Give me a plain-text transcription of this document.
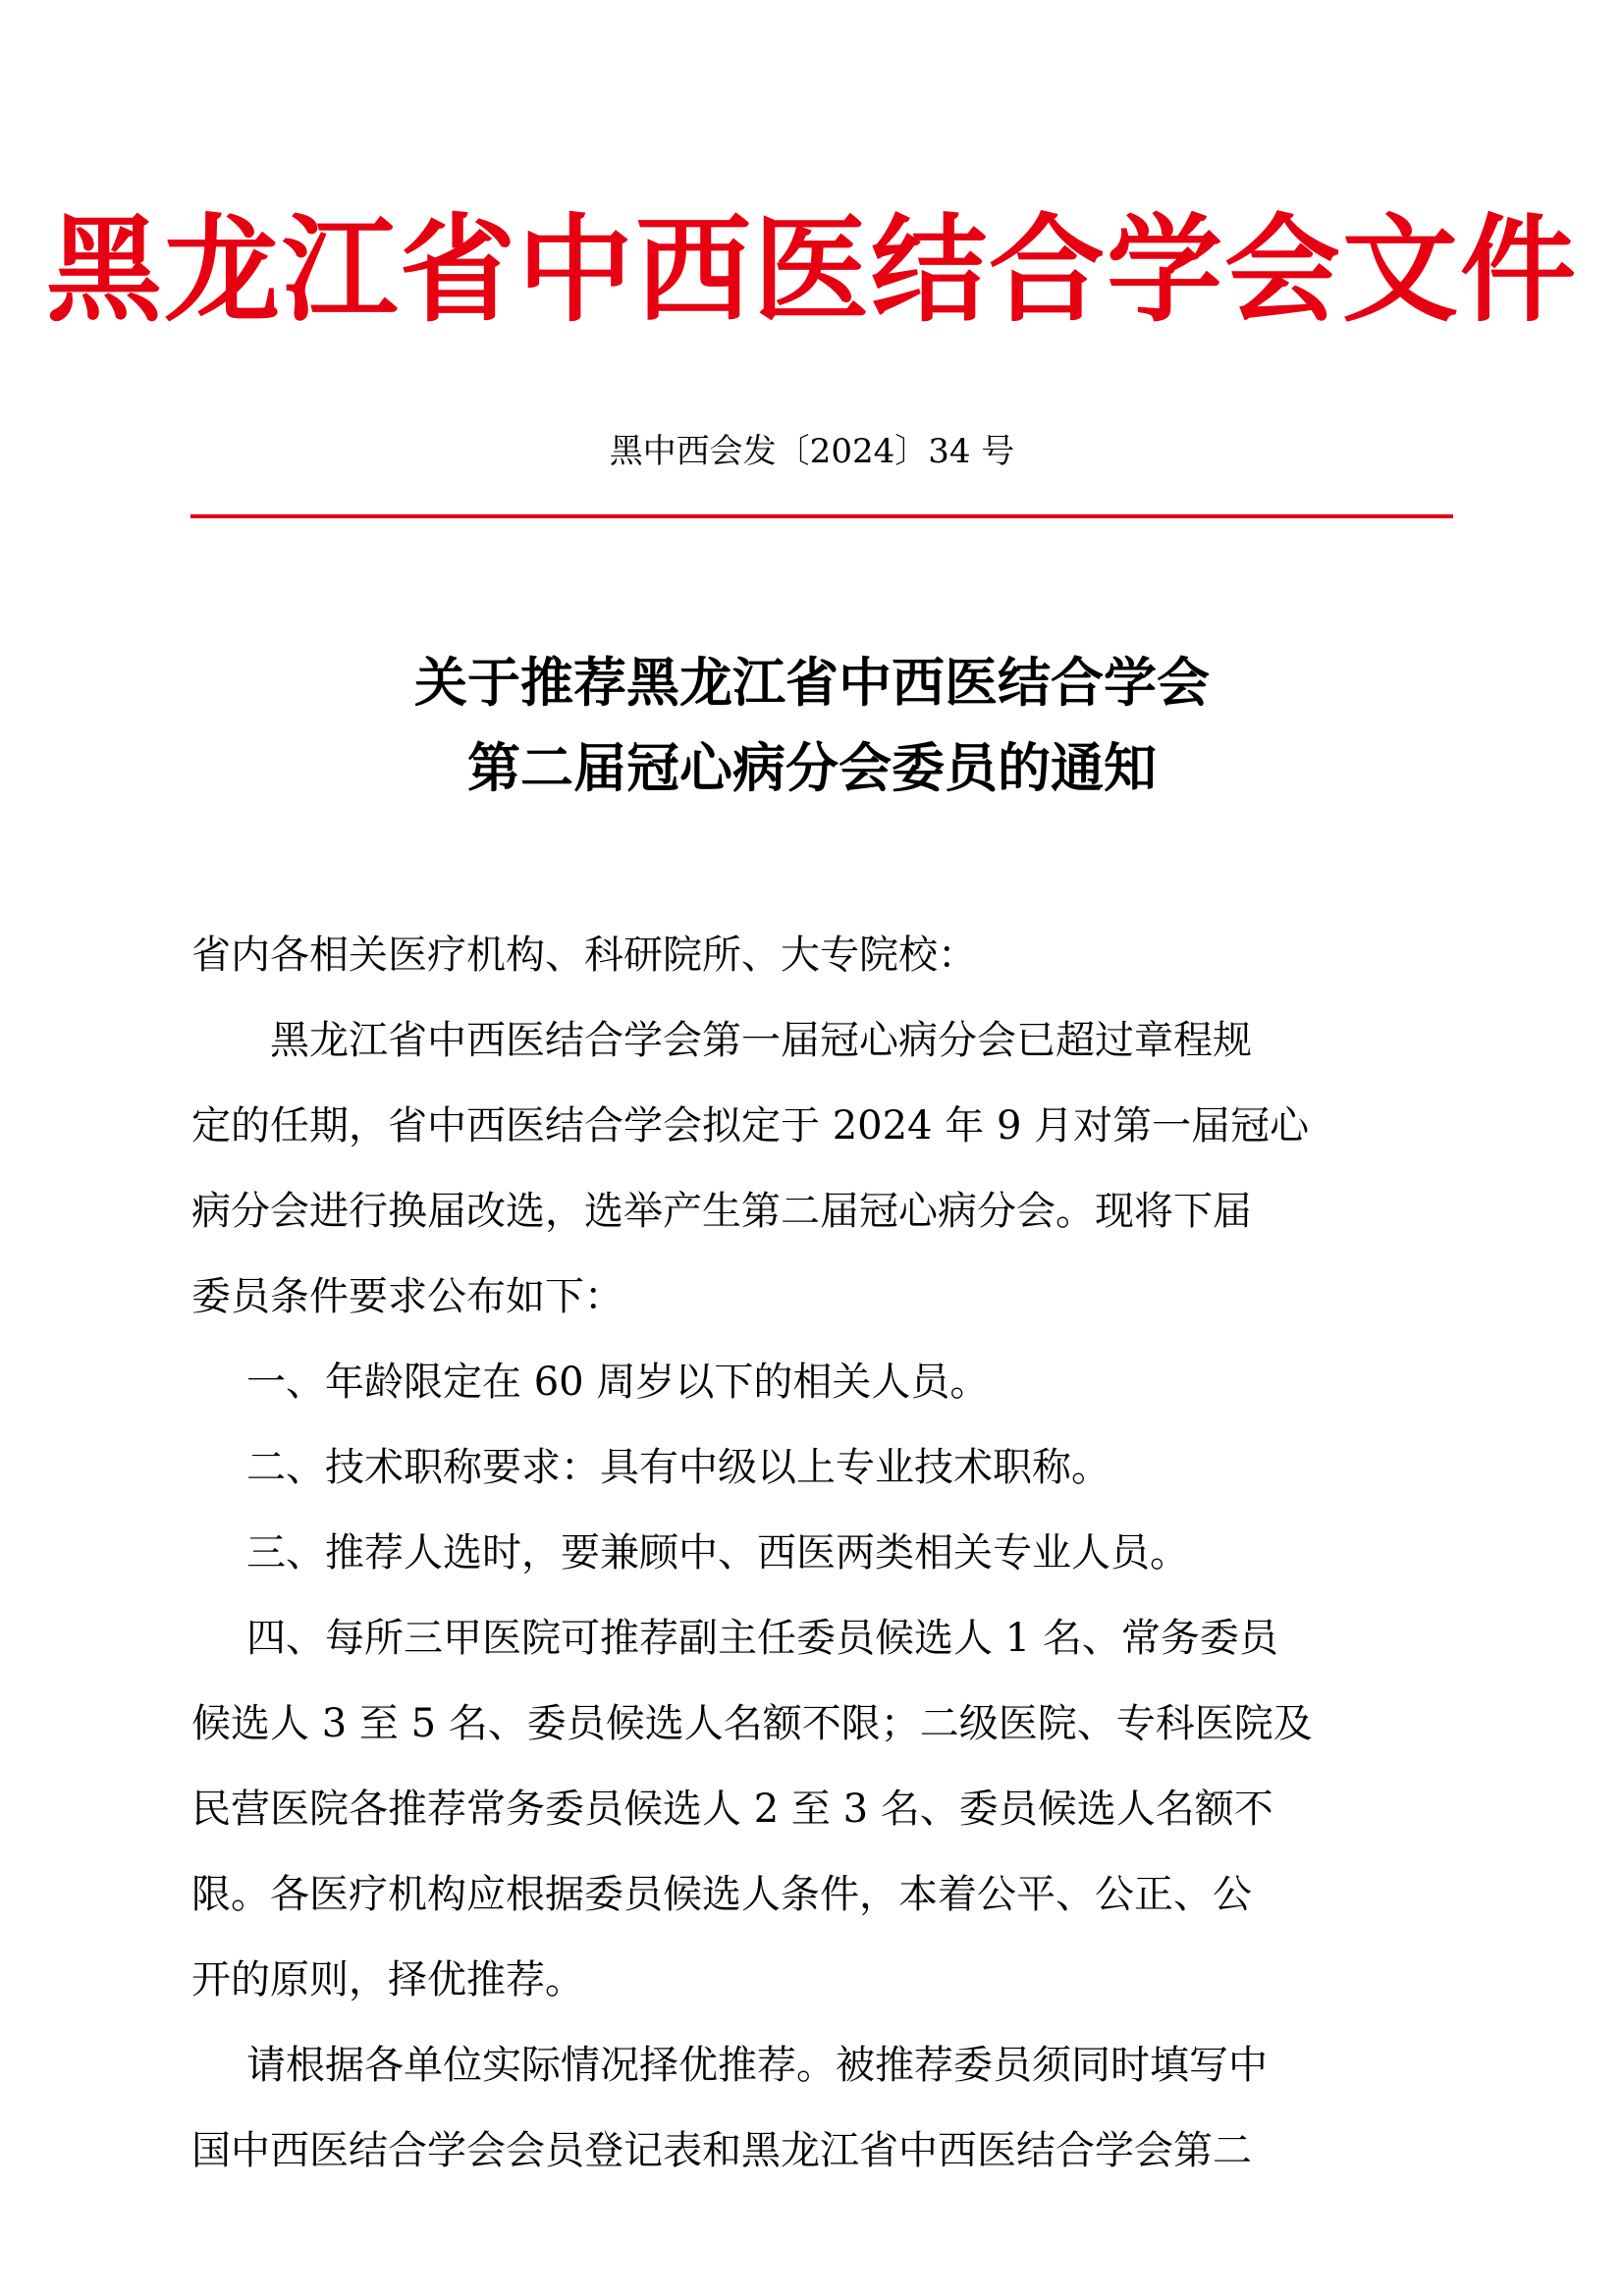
黑龙江省中西医结合学会文件
黑中西会发〔2024〕34 号
关于推荐黑龙江省中西医结合学会
第二届冠心病分会委员的通知
省内各相关医疗机构、科研院所、大专院校：
黑龙江省中西医结合学会第一届冠心病分会已超过章程规
定的任期，省中西医结合学会拟定于 2024 年 9 月对第一届冠心
病分会进行换届改选，选举产生第二届冠心病分会。现将下届
委员条件要求公布如下：
一、年龄限定在 60 周岁以下的相关人员。
二、技术职称要求：具有中级以上专业技术职称。
三、推荐人选时，要兼顾中、西医两类相关专业人员。
四、每所三甲医院可推荐副主任委员候选人 1 名、常务委员
候选人 3 至 5 名、委员候选人名额不限；二级医院、专科医院及
民营医院各推荐常务委员候选人 2 至 3 名、委员候选人名额不
限。各医疗机构应根据委员候选人条件，本着公平、公正、公
开的原则，择优推荐。
请根据各单位实际情况择优推荐。被推荐委员须同时填写中
国中西医结合学会会员登记表和黑龙江省中西医结合学会第二
